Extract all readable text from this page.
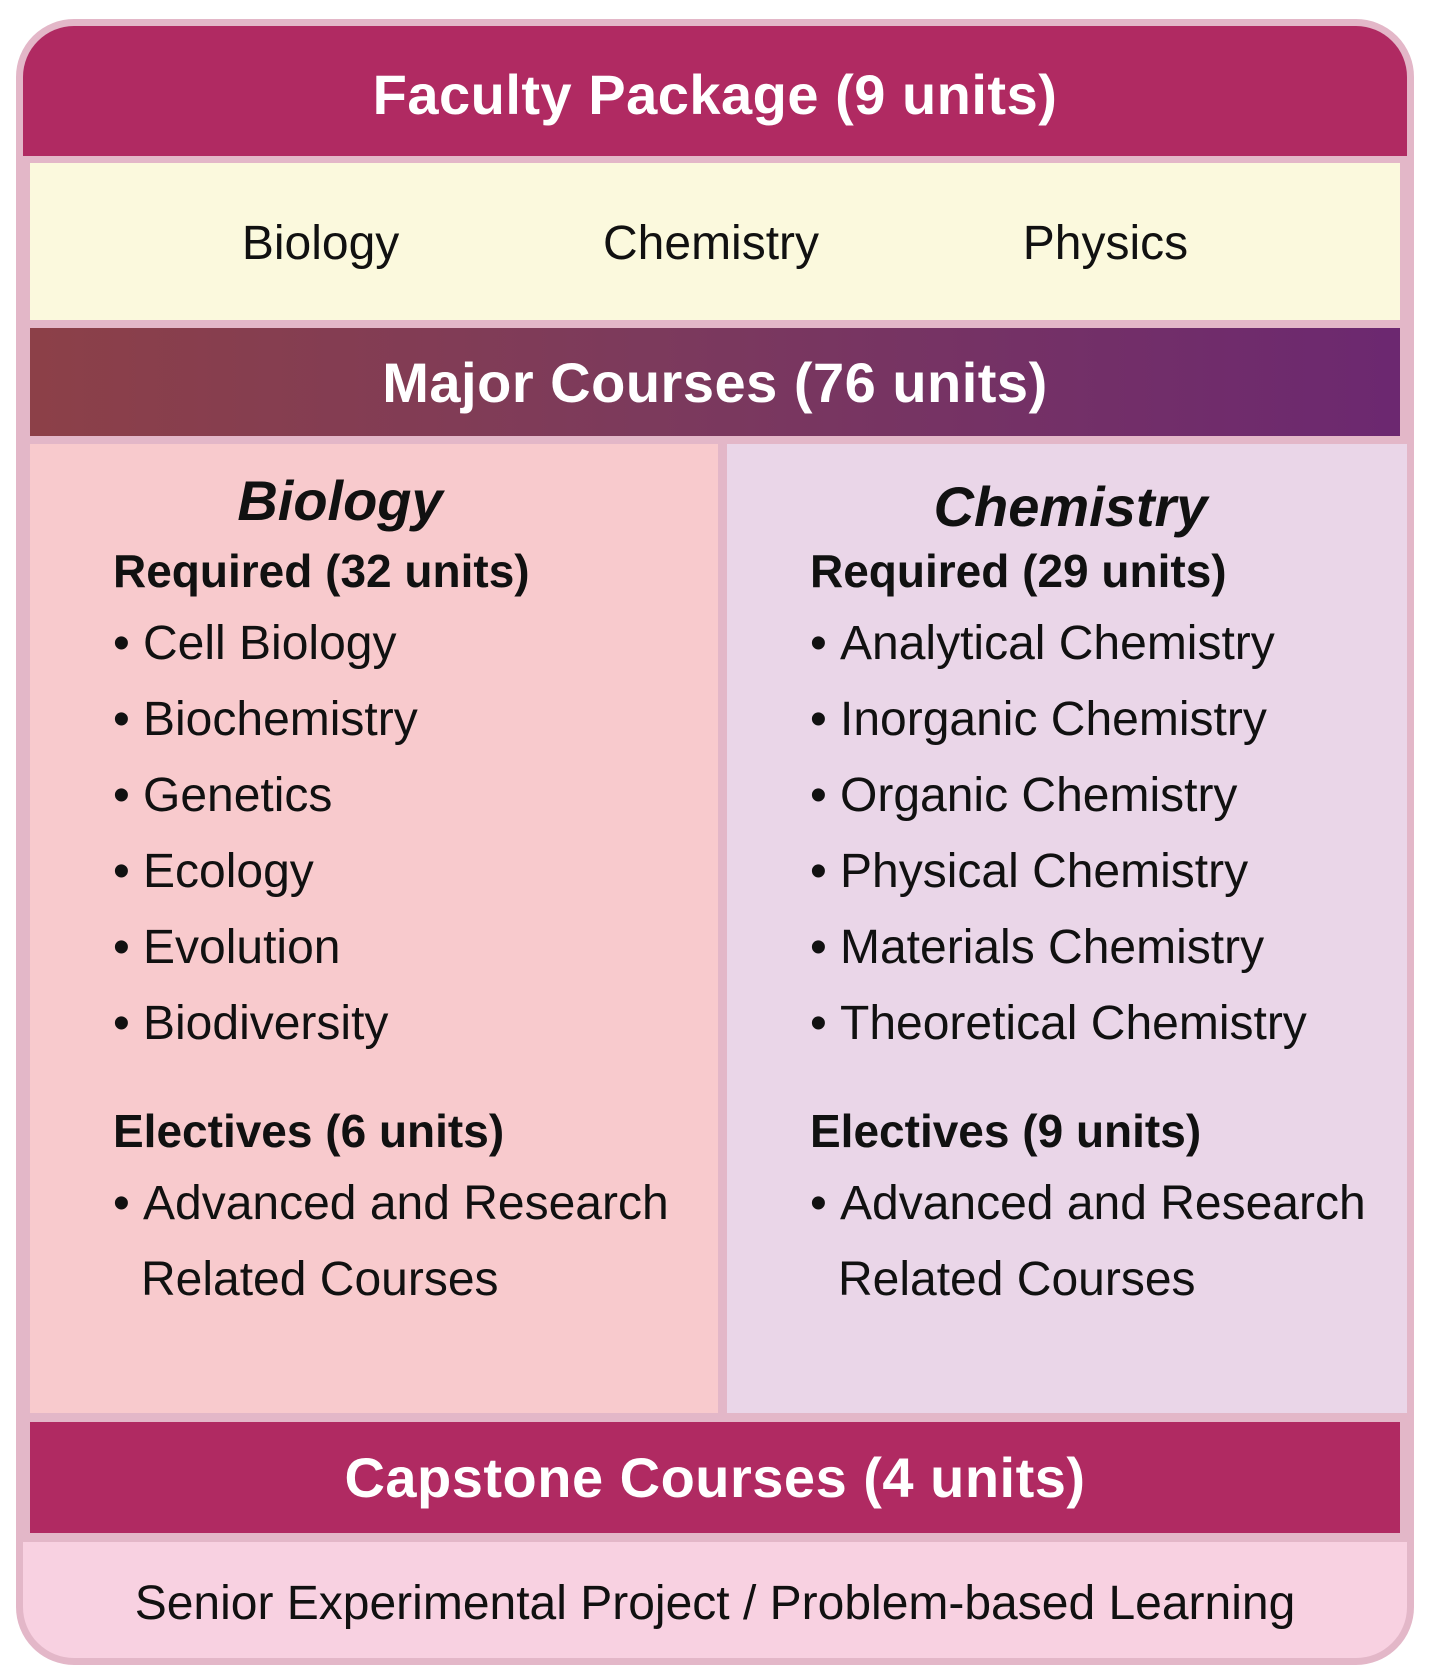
Faculty Package (9 units)
Biology	Chemistry	Physics
Major Courses (76 units)
Biology
Required (32 units)
• Cell Biology
• Biochemistry
• Genetics
• Ecology
• Evolution
• Biodiversity
Electives (6 units)
• Advanced and Research
Related Courses
Chemistry
Required (29 units)
• Analytical Chemistry
• Inorganic Chemistry
• Organic Chemistry
• Physical Chemistry
• Materials Chemistry
• Theoretical Chemistry
Electives (9 units)
• Advanced and Research
Related Courses
Capstone Courses (4 units)
Senior Experimental Project / Problem-based Learning
